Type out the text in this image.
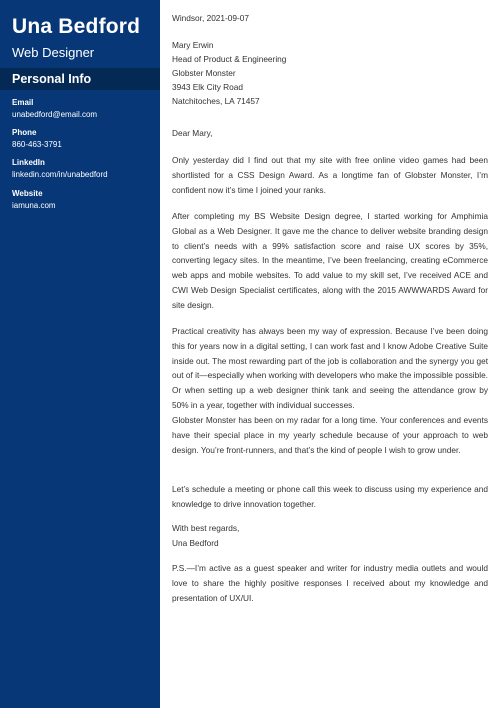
Una Bedford
Web Designer
Personal Info
Email
unabedford@email.com
Phone
860-463-3791
LinkedIn
linkedin.com/in/unabedford
Website
iamuna.com
Windsor, 2021-09-07
Mary Erwin
Head of Product & Engineering
Globster Monster
3943 Elk City Road
Natchitoches, LA 71457
Dear Mary,

Only yesterday did I find out that my site with free online video games had been shortlisted for a CSS Design Award. As a longtime fan of Globster Monster, I’m confident now it’s time I joined your ranks.

After completing my BS Website Design degree, I started working for Amphimia Global as a Web Designer. It gave me the chance to deliver website branding design to client’s needs with a 99% satisfaction score and raise UX scores by 35%, converting legacy sites. In the meantime, I’ve been freelancing, creating eCommerce web apps and mobile websites. To add value to my skill set, I’ve received ACE and CWI Web Design Specialist certificates, along with the 2015 AWWWARDS Award for site design.

Practical creativity has always been my way of expression. Because I’ve been doing this for years now in a digital setting, I can work fast and I know Adobe Creative Suite inside out. The most rewarding part of the job is collaboration and the synergy you get out of it—especially when working with developers who make the impossible possible. Or when setting up a web designer think tank and seeing the attendance grow by 50% in a year, together with individual successes.

Globster Monster has been on my radar for a long time. Your conferences and events have their special place in my yearly schedule because of your approach to web design. You’re front-runners, and that’s the kind of people I wish to grow under.

Let’s schedule a meeting or phone call this week to discuss using my experience and knowledge to drive innovation together.

With best regards,
Una Bedford

P.S.—I’m active as a guest speaker and writer for industry media outlets and would love to share the highly positive responses I received about my knowledge and presentation of UX/UI.
